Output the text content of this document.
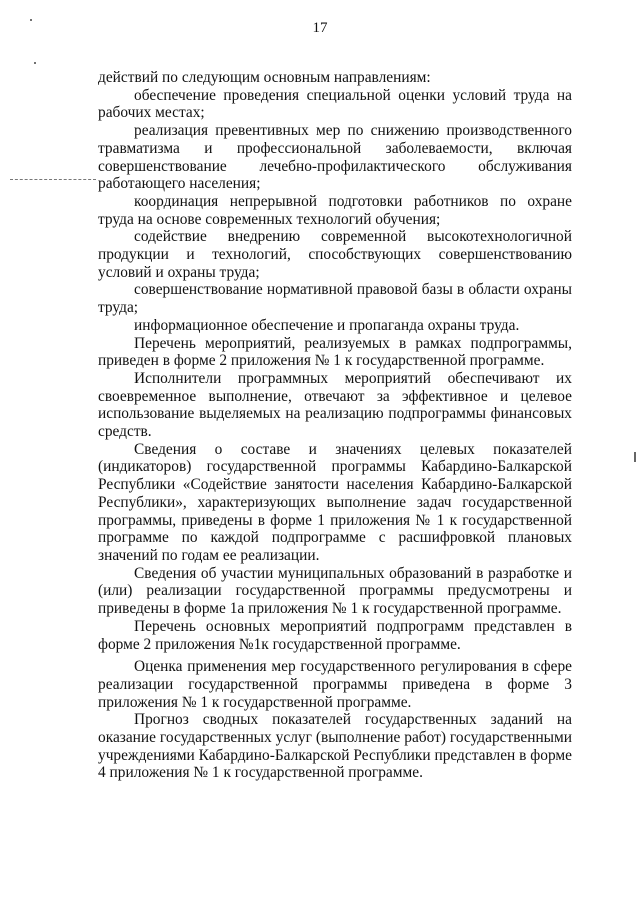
17

действий по следующим основным направлениям:

обеспечение проведения специальной оценки условий труда на рабочих местах;

реализация превентивных мер по снижению производственного травматизма и профессиональной заболеваемости, включая совершенствование лечебно-профилактического обслуживания работающего населения;

координация непрерывной подготовки работников по охране труда на основе современных технологий обучения;

содействие внедрению современной высокотехнологичной продукции и технологий, способствующих совершенствованию условий и охраны труда;

совершенствование нормативной правовой базы в области охраны труда;

информационное обеспечение и пропаганда охраны труда.

Перечень мероприятий, реализуемых в рамках подпрограммы, приведен в форме 2 приложения № 1 к государственной программе.

Исполнители программных мероприятий обеспечивают их своевременное выполнение, отвечают за эффективное и целевое использование выделяемых на реализацию подпрограммы финансовых средств.

Сведения о составе и значениях целевых показателей (индикаторов) государственной программы Кабардино-Балкарской Республики «Содействие занятости населения Кабардино-Балкарской Республики», характеризующих выполнение задач государственной программы, приведены в форме 1 приложения № 1 к государственной программе по каждой подпрограмме с расшифровкой плановых значений по годам ее реализации.

Сведения об участии муниципальных образований в разработке и (или) реализации государственной программы предусмотрены и приведены в форме 1а приложения № 1 к государственной программе.

Перечень основных мероприятий подпрограмм представлен в форме 2 приложения №1к государственной программе.

Оценка применения мер государственного регулирования в сфере реализации государственной программы приведена в форме 3 приложения № 1 к государственной программе.

Прогноз сводных показателей государственных заданий на оказание государственных услуг (выполнение работ) государственными учреждениями Кабардино-Балкарской Республики представлен в форме 4 приложения № 1 к государственной программе.
